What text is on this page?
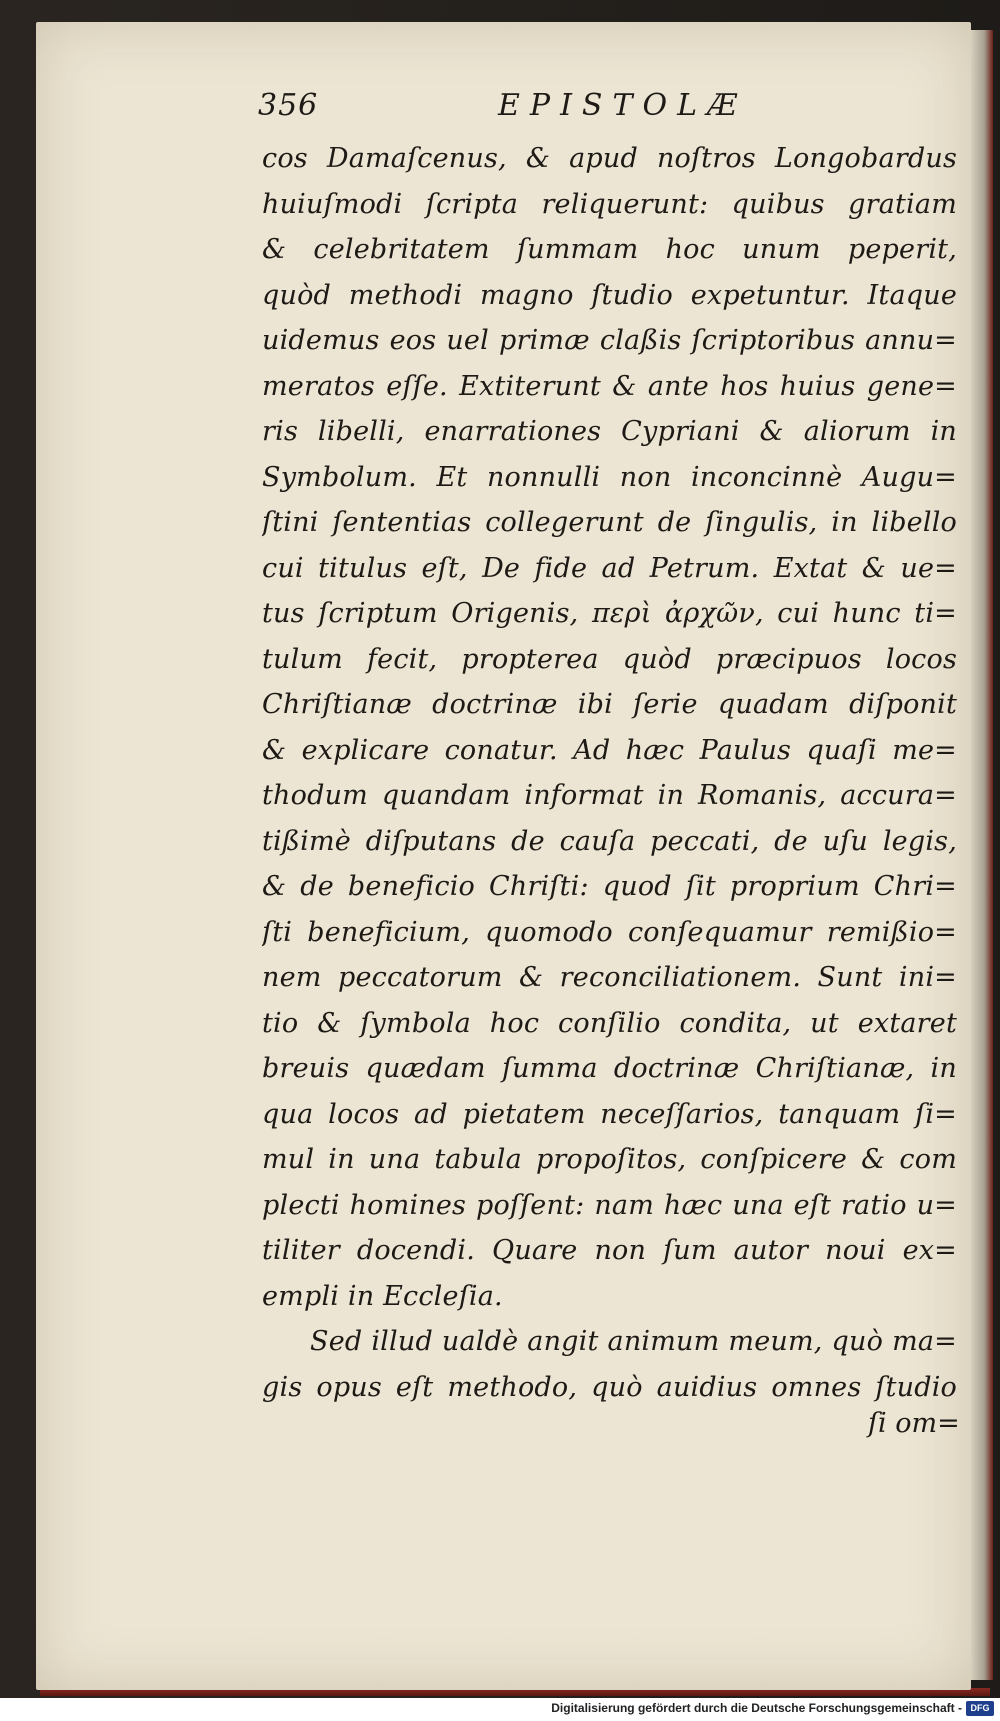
356	EPISTOLÆ
cos Damaſcenus, & apud noſtros Longobardus
huiuſmodi ſcripta reliquerunt: quibus gratiam
& celebritatem ſummam hoc unum peperit,
quòd methodi magno ſtudio expetuntur. Itaque
uidemus eos uel primæ claßis ſcriptoribus annu=
meratos eſſe. Extiterunt & ante hos huius gene=
ris libelli, enarrationes Cypriani & aliorum in
Symbolum. Et nonnulli non inconcinnè Augu=
ſtini ſententias collegerunt de ſingulis, in libello
cui titulus eſt, De fide ad Petrum. Extat & ue=
tus ſcriptum Origenis, περὶ ἀρχῶν, cui hunc ti=
tulum fecit, propterea quòd præcipuos locos
Chriſtianæ doctrinæ ibi ſerie quadam diſponit
& explicare conatur. Ad hæc Paulus quaſi me=
thodum quandam informat in Romanis, accura=
tißimè diſputans de cauſa peccati, de uſu legis,
& de beneficio Chriſti: quod ſit proprium Chri=
ſti beneficium, quomodo conſequamur remißio=
nem peccatorum & reconciliationem. Sunt ini=
tio & ſymbola hoc conſilio condita, ut extaret
breuis quædam ſumma doctrinæ Chriſtianæ, in
qua locos ad pietatem neceſſarios, tanquam ſi=
mul in una tabula propoſitos, conſpicere & com
plecti homines poſſent: nam hæc una eſt ratio u=
tiliter docendi. Quare non ſum autor noui ex=
empli in Eccleſia.
Sed illud ualdè angit animum meum, quò ma=
gis opus eſt methodo, quò auidius omnes ſtudio
ſi om=
Digitalisierung gefördert durch die Deutsche Forschungsgemeinschaft - DFG
